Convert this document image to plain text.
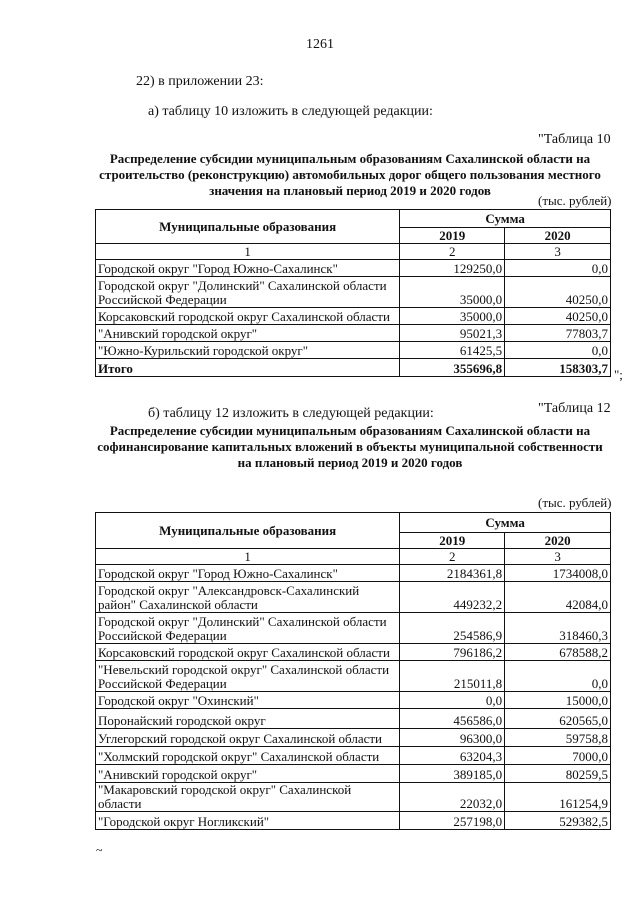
1261
22) в приложении 23:
а) таблицу 10 изложить в следующей редакции:
"Таблица 10
Распределение субсидии муниципальным образованиям Сахалинской области на строительство (реконструкцию) автомобильных дорог общего пользования местного значения на плановый период 2019 и 2020 годов
(тыс. рублей)
Муниципальные образования	Сумма	
	2019	2020
1	2	3
Городской округ "Город Южно-Сахалинск"	129250,0	0,0
Городской округ "Долинский" Сахалинской области Российской Федерации	35000,0	40250,0
Корсаковский городской округ Сахалинской области	35000,0	40250,0
"Анивский городской округ"	95021,3	77803,7
"Южно-Курильский городской округ"	61425,5	0,0
Итого	355696,8	158303,7 ";
б) таблицу 12 изложить в следующей редакции:	"Таблица 12
Распределение субсидии муниципальным образованиям Сахалинской области на софинансирование капитальных вложений в объекты муниципальной собственности на плановый период 2019 и 2020 годов
(тыс. рублей)
Муниципальные образования	Сумма	
	2019	2020
1	2	3
Городской округ "Город Южно-Сахалинск"	2184361,8	1734008,0
Городской округ "Александровск-Сахалинский район" Сахалинской области	449232,2	42084,0
Городской округ "Долинский" Сахалинской области Российской Федерации	254586,9	318460,3
Корсаковский городской округ Сахалинской области	796186,2	678588,2
"Невельский городской округ" Сахалинской области Российской Федерации	215011,8	0,0
Городской округ "Охинский"	0,0	15000,0
Поронайский городской округ	456586,0	620565,0
Углегорский городской округ Сахалинской области	96300,0	59758,8
"Холмский городской округ" Сахалинской области	63204,3	7000,0
"Анивский городской округ"	389185,0	80259,5
"Макаровский городской округ" Сахалинской области	22032,0	161254,9
"Городской округ Ногликский"	257198,0	529382,5
~
